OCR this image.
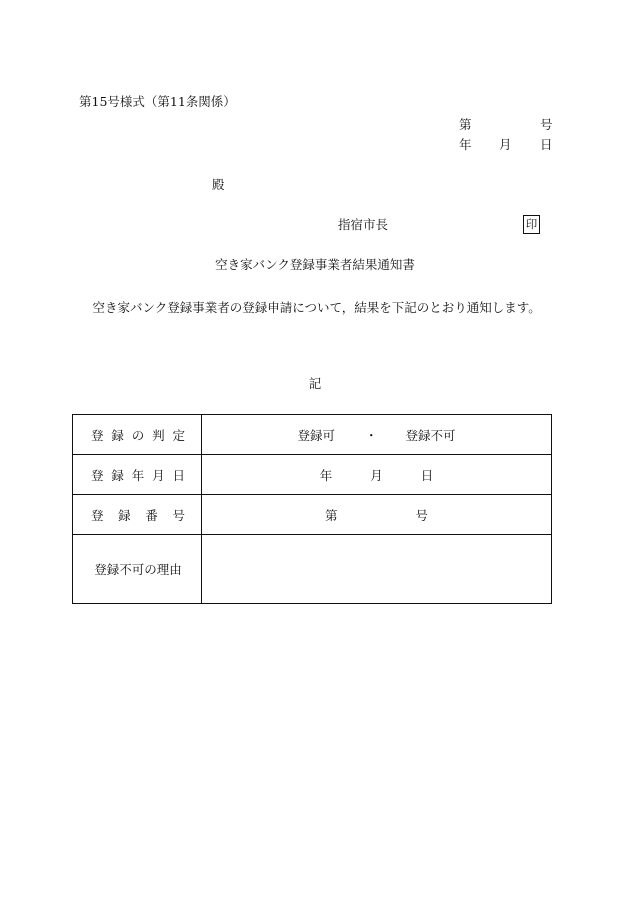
第15号様式（第11条関係）
第	号
年 月 日
殿
指宿市長	印
空き家バンク登録事業者結果通知書
空き家バンク登録事業者の登録申請について，結果を下記のとおり通知します。
記
登 録 の 判 定	登録可 ・ 登録不可

登 録 年 月 日	年 月 日

登 録 番 号	第 号

登録不可の理由	
